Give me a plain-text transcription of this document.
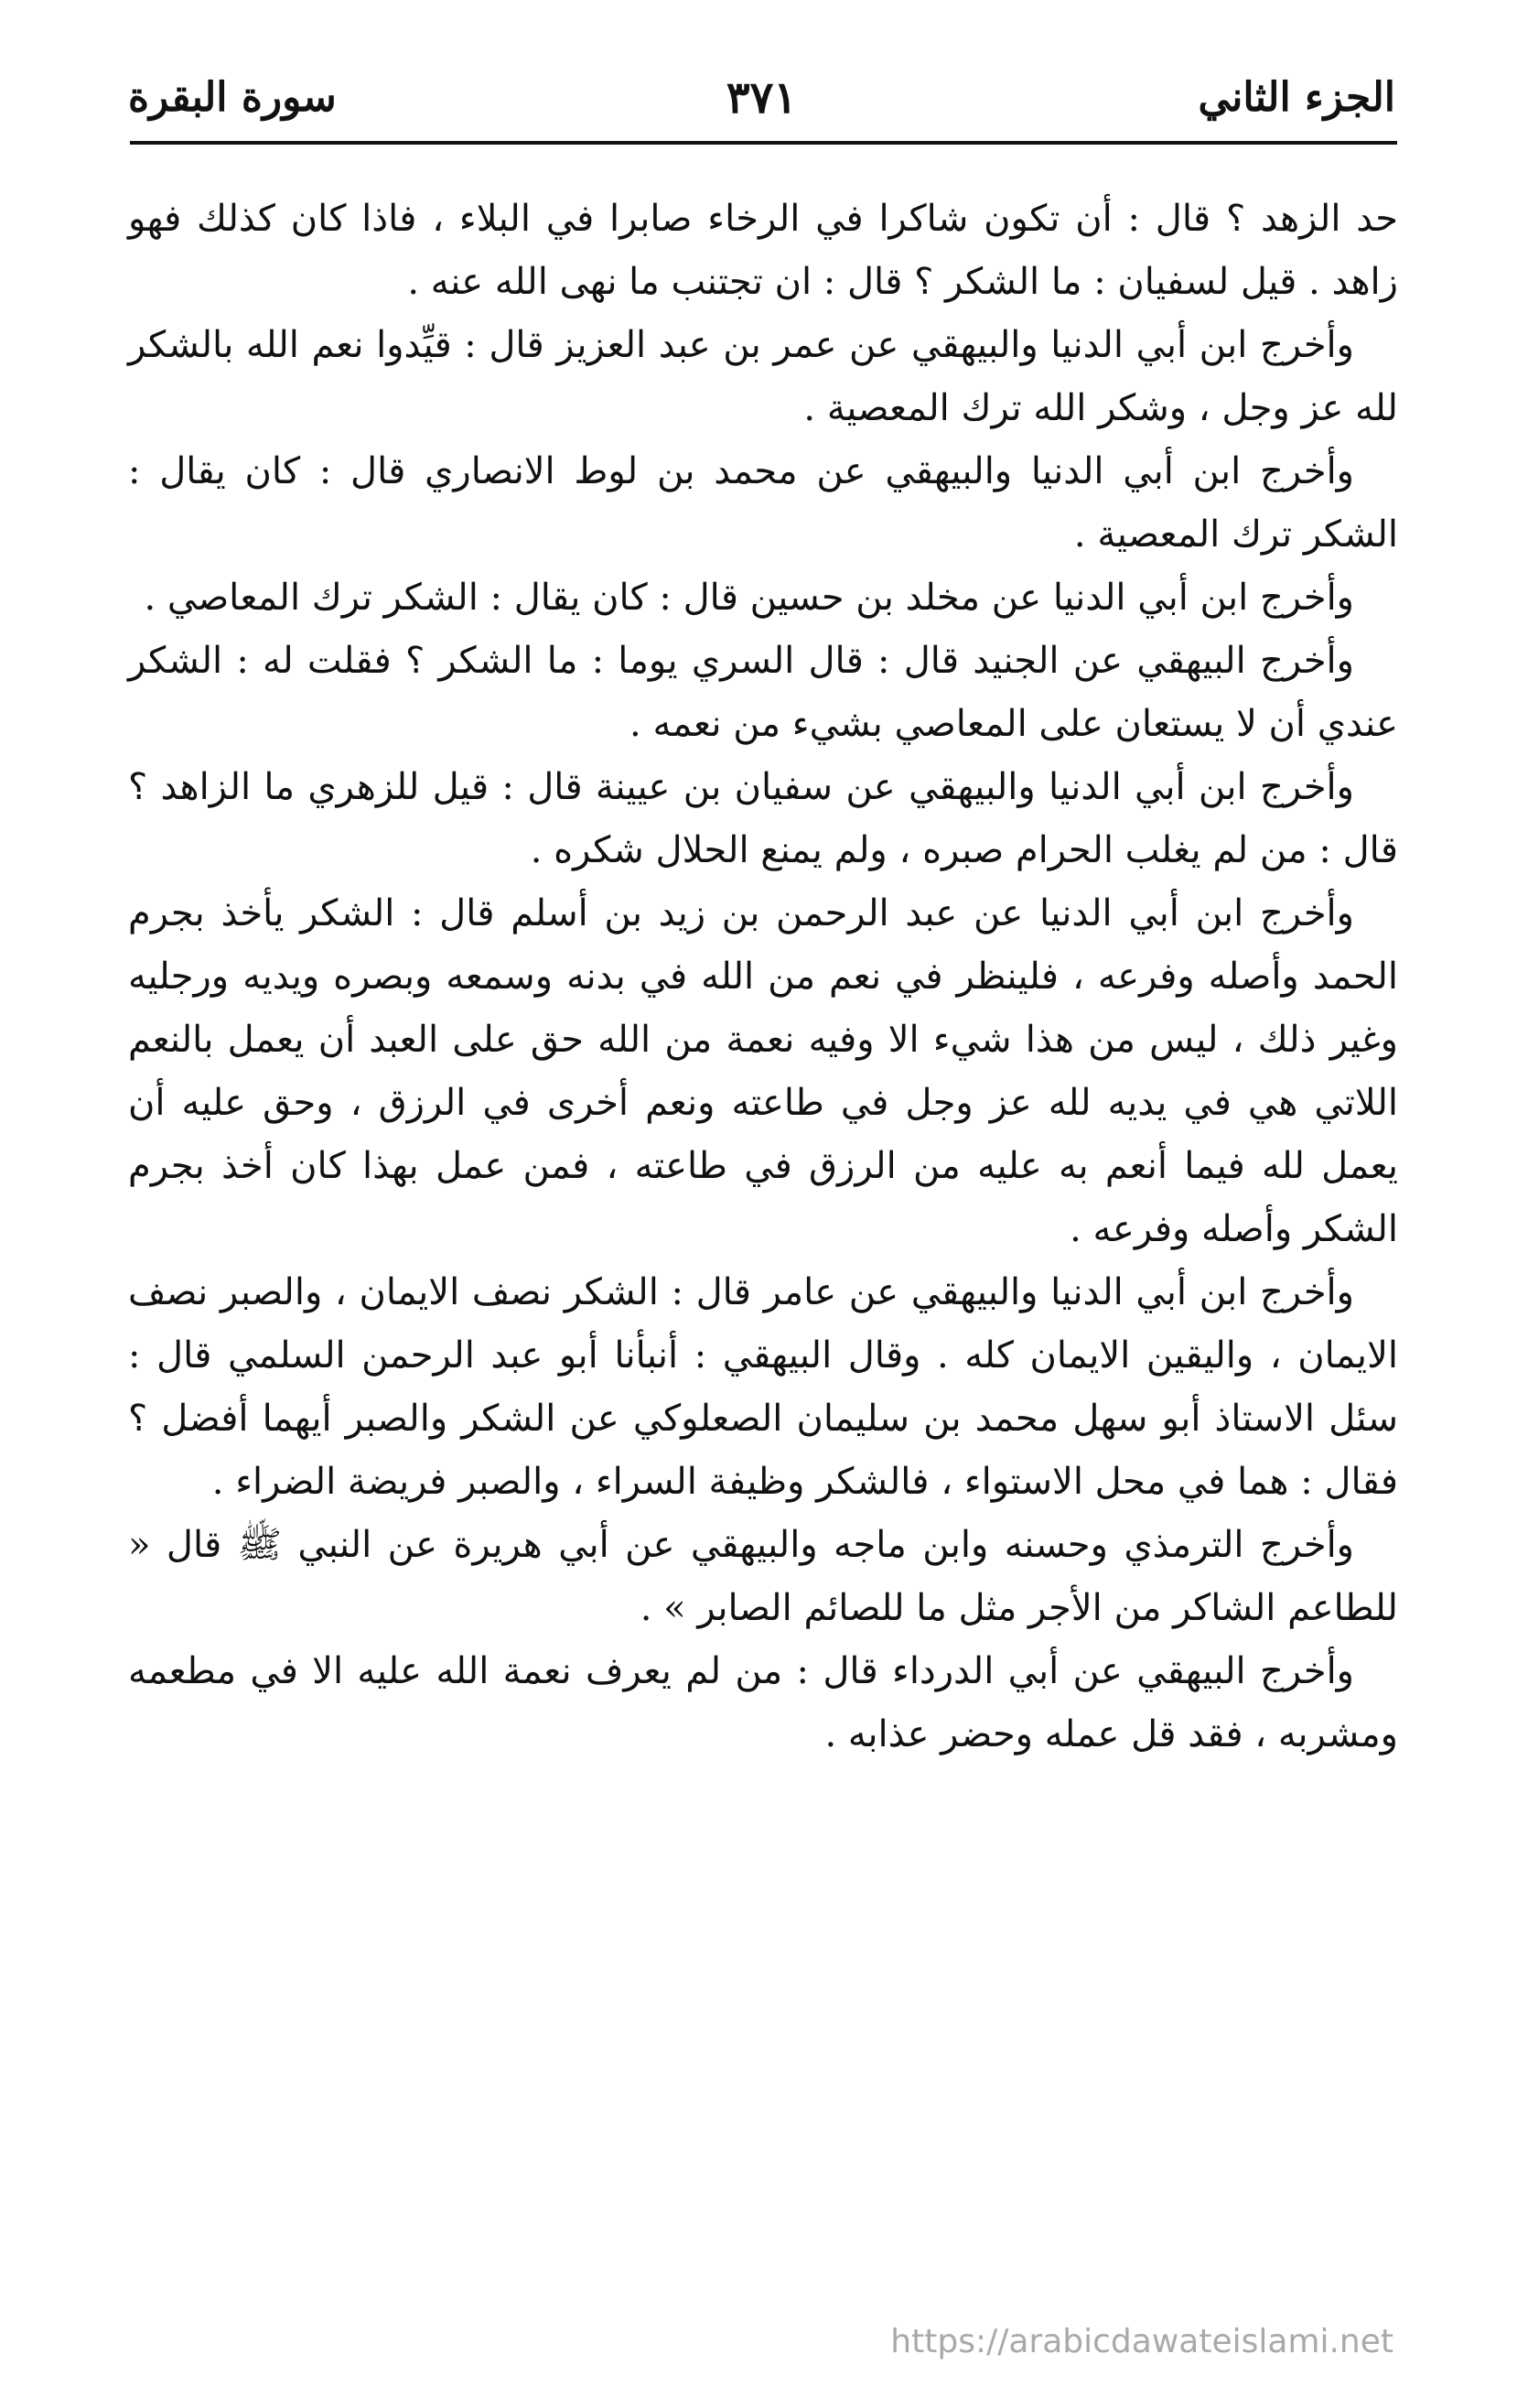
الجزء الثاني
٣٧١
سورة البقرة

حد الزهد ؟ قال : أن تكون شاكرا في الرخاء صابرا في البلاء ، فاذا كان كذلك فهو زاهد . قيل لسفيان : ما الشكر ؟ قال : ان تجتنب ما نهى الله عنه .

وأخرج ابن أبي الدنيا والبيهقي عن عمر بن عبد العزيز قال : قيِّدوا نعم الله بالشكر لله عز وجل ، وشكر الله ترك المعصية .

وأخرج ابن أبي الدنيا والبيهقي عن محمد بن لوط الانصاري قال : كان يقال : الشكر ترك المعصية .

وأخرج ابن أبي الدنيا عن مخلد بن حسين قال : كان يقال : الشكر ترك المعاصي .

وأخرج البيهقي عن الجنيد قال : قال السري يوما : ما الشكر ؟ فقلت له : الشكر عندي أن لا يستعان على المعاصي بشيء من نعمه .

وأخرج ابن أبي الدنيا والبيهقي عن سفيان بن عيينة قال : قيل للزهري ما الزاهد ؟ قال : من لم يغلب الحرام صبره ، ولم يمنع الحلال شكره .

وأخرج ابن أبي الدنيا عن عبد الرحمن بن زيد بن أسلم قال : الشكر يأخذ بجرم الحمد وأصله وفرعه ، فلينظر في نعم من الله في بدنه وسمعه وبصره ويديه ورجليه وغير ذلك ، ليس من هذا شيء الا وفيه نعمة من الله حق على العبد أن يعمل بالنعم اللاتي هي في يديه لله عز وجل في طاعته ونعم أخرى في الرزق ، وحق عليه أن يعمل لله فيما أنعم به عليه من الرزق في طاعته ، فمن عمل بهذا كان أخذ بجرم الشكر وأصله وفرعه .

وأخرج ابن أبي الدنيا والبيهقي عن عامر قال : الشكر نصف الايمان ، والصبر نصف الايمان ، واليقين الايمان كله . وقال البيهقي : أنبأنا أبو عبد الرحمن السلمي قال : سئل الاستاذ أبو سهل محمد بن سليمان الصعلوكي عن الشكر والصبر أيهما أفضل ؟ فقال : هما في محل الاستواء ، فالشكر وظيفة السراء ، والصبر فريضة الضراء .

وأخرج الترمذي وحسنه وابن ماجه والبيهقي عن أبي هريرة عن النبي ﷺ قال « للطاعم الشاكر من الأجر مثل ما للصائم الصابر » .

وأخرج البيهقي عن أبي الدرداء قال : من لم يعرف نعمة الله عليه الا في مطعمه ومشربه ، فقد قل عمله وحضر عذابه .

https://arabicdawateislami.net
